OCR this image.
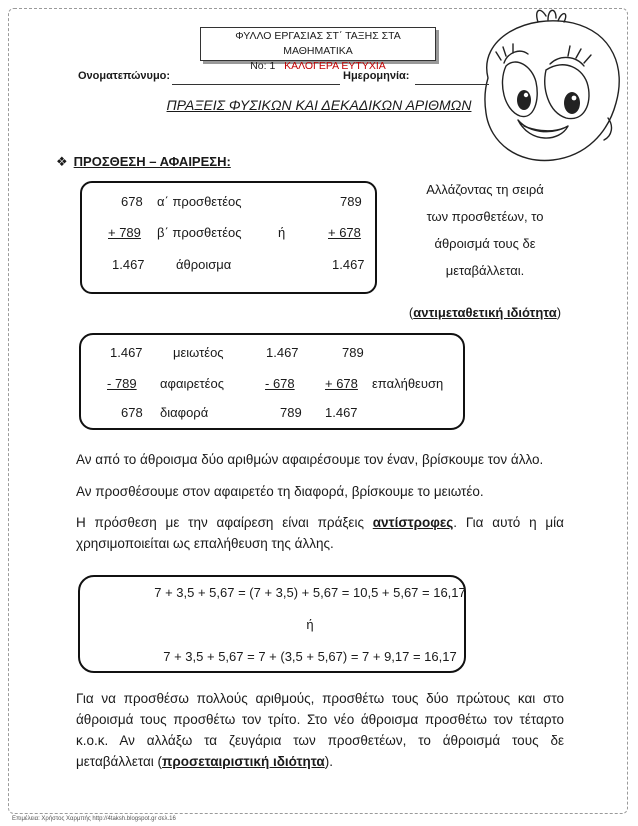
ΦΥΛΛΟ ΕΡΓΑΣΙΑΣ ΣΤ΄ ΤΑΞΗΣ ΣΤΑ ΜΑΘΗΜΑΤΙΚΑ
Νο: 1 ΚΑΛΟΓΕΡΑ ΕΥΤΥΧΙΑ
Ονοματεπώνυμο:	Ημερομηνία:
ΠΡΑΞΕΙΣ ΦΥΣΙΚΩΝ ΚΑΙ ΔΕΚΑΔΙΚΩΝ ΑΡΙΘΜΩΝ
❖ ΠΡΟΣΘΕΣΗ – ΑΦΑΙΡΕΣΗ:
678 α΄ προσθετέος	789
+ 789 β΄ προσθετέος	ή	+ 678
1.467 άθροισμα	1.467
Αλλάζοντας τη σειρά
των προσθετέων, το
άθροισμά τους δε
μεταβάλλεται.
(αντιμεταθετική ιδιότητα)
1.467 μειωτέος	1.467	789
- 789 αφαιρετέος	- 678 + 678 επαλήθευση
678 διαφορά	789 1.467
Αν από το άθροισμα δύο αριθμών αφαιρέσουμε τον έναν, βρίσκουμε τον άλλο.
Αν προσθέσουμε στον αφαιρετέο τη διαφορά, βρίσκουμε το μειωτέο.
Η πρόσθεση με την αφαίρεση είναι πράξεις αντίστροφες. Για αυτό η μία χρησιμοποιείται ως επαλήθευση της άλλης.
7 + 3,5 + 5,67 = (7 + 3,5) + 5,67 = 10,5 + 5,67 = 16,17
ή
7 + 3,5 + 5,67 = 7 + (3,5 + 5,67) = 7 + 9,17 = 16,17
Για να προσθέσω πολλούς αριθμούς, προσθέτω τους δύο πρώτους και στο άθροισμά τους προσθέτω τον τρίτο. Στο νέο άθροισμα προσθέτω τον τέταρτο κ.ο.κ. Αν αλλάξω τα ζευγάρια των προσθετέων, το άθροισμά τους δε μεταβάλλεται (προσεταιριστική ιδιότητα).
Επιμέλεια: Χρήστος Χαρμπής http://4taksh.blogspot.gr σελ.16
